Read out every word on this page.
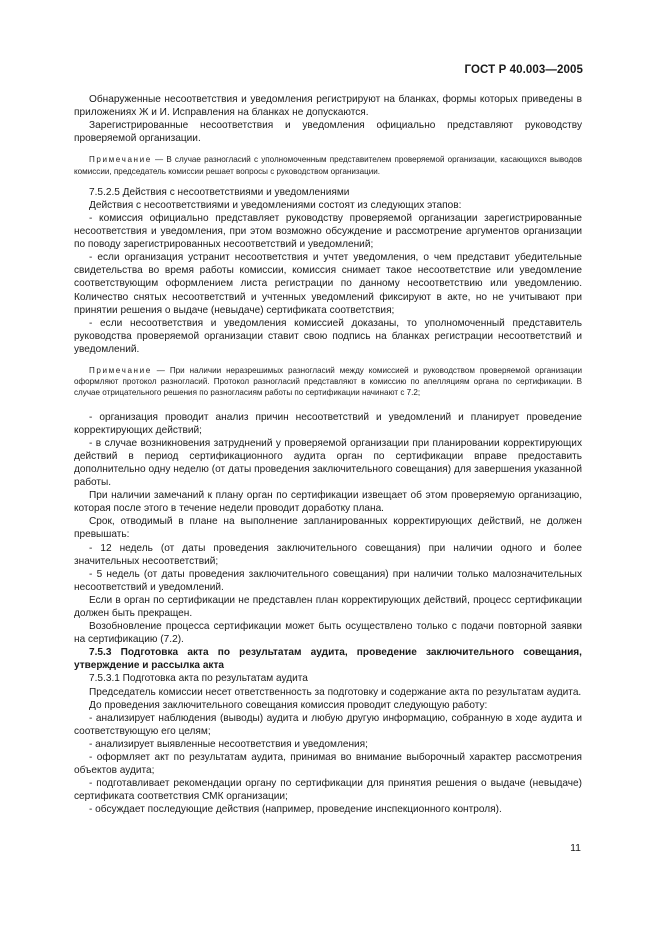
ГОСТ Р 40.003—2005

Обнаруженные несоответствия и уведомления регистрируют на бланках, формы которых приведены в приложениях Ж и И. Исправления на бланках не допускаются.

Зарегистрированные несоответствия и уведомления официально представляют руководству проверяемой организации.

Примечание — В случае разногласий с уполномоченным представителем проверяемой организации, касающихся выводов комиссии, председатель комиссии решает вопросы с руководством организации.

7.5.2.5 Действия с несоответствиями и уведомлениями

Действия с несоответствиями и уведомлениями состоят из следующих этапов:

- комиссия официально представляет руководству проверяемой организации зарегистрированные несоответствия и уведомления, при этом возможно обсуждение и рассмотрение аргументов организации по поводу зарегистрированных несоответствий и уведомлений;

- если организация устранит несоответствия и учтет уведомления, о чем представит убедительные свидетельства во время работы комиссии, комиссия снимает такое несоответствие или уведомление соответствующим оформлением листа регистрации по данному несоответствию или уведомлению. Количество снятых несоответствий и учтенных уведомлений фиксируют в акте, но не учитывают при принятии решения о выдаче (невыдаче) сертификата соответствия;

- если несоответствия и уведомления комиссией доказаны, то уполномоченный представитель руководства проверяемой организации ставит свою подпись на бланках регистрации несоответствий и уведомлений.

Примечание — При наличии неразрешимых разногласий между комиссией и руководством проверяемой организации оформляют протокол разногласий. Протокол разногласий представляют в комиссию по апелляциям органа по сертификации. В случае отрицательного решения по разногласиям работы по сертификации начинают с 7.2;

- организация проводит анализ причин несоответствий и уведомлений и планирует проведение корректирующих действий;

- в случае возникновения затруднений у проверяемой организации при планировании корректирующих действий в период сертификационного аудита орган по сертификации вправе предоставить дополнительно одну неделю (от даты проведения заключительного совещания) для завершения указанной работы.

При наличии замечаний к плану орган по сертификации извещает об этом проверяемую организацию, которая после этого в течение недели проводит доработку плана.

Срок, отводимый в плане на выполнение запланированных корректирующих действий, не должен превышать:

- 12 недель (от даты проведения заключительного совещания) при наличии одного и более значительных несоответствий;

- 5 недель (от даты проведения заключительного совещания) при наличии только малозначительных несоответствий и уведомлений.

Если в орган по сертификации не представлен план корректирующих действий, процесс сертификации должен быть прекращен.

Возобновление процесса сертификации может быть осуществлено только с подачи повторной заявки на сертификацию (7.2).

7.5.3 Подготовка акта по результатам аудита, проведение заключительного совещания, утверждение и рассылка акта

7.5.3.1 Подготовка акта по результатам аудита

Председатель комиссии несет ответственность за подготовку и содержание акта по результатам аудита.

До проведения заключительного совещания комиссия проводит следующую работу:

- анализирует наблюдения (выводы) аудита и любую другую информацию, собранную в ходе аудита и соответствующую его целям;

- анализирует выявленные несоответствия и уведомления;

- оформляет акт по результатам аудита, принимая во внимание выборочный характер рассмотрения объектов аудита;

- подготавливает рекомендации органу по сертификации для принятия решения о выдаче (невыдаче) сертификата соответствия СМК организации;

- обсуждает последующие действия (например, проведение инспекционного контроля).

11
